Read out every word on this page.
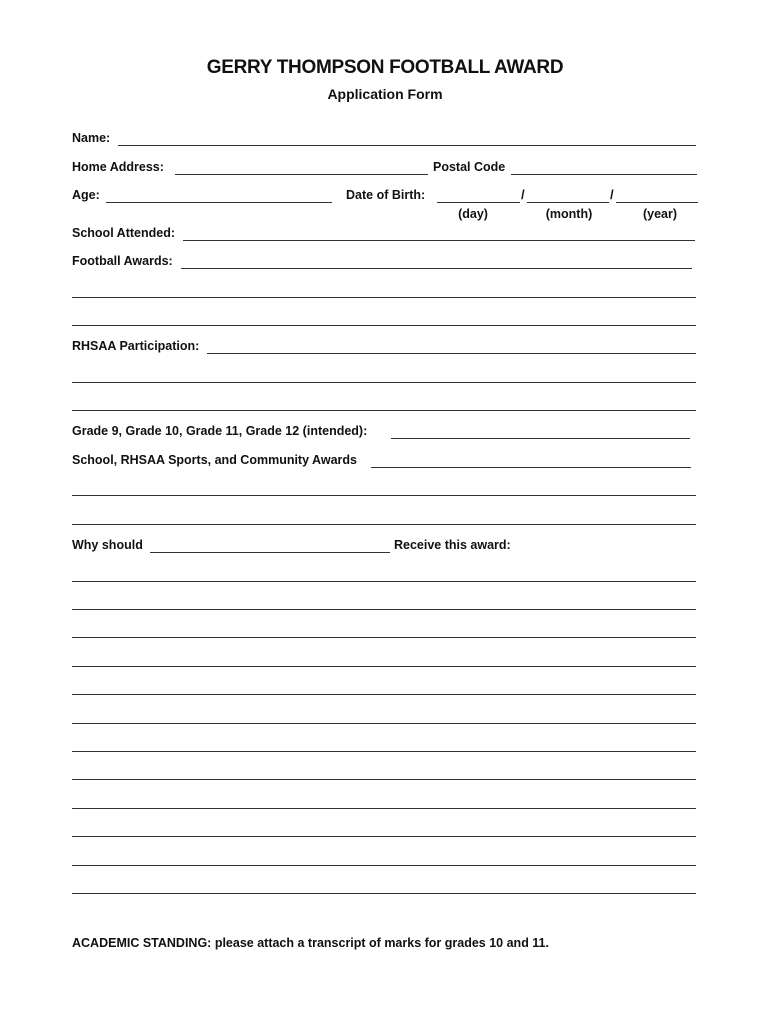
GERRY THOMPSON FOOTBALL AWARD
Application Form
Name:
Home Address:	Postal Code
Age:	Date of Birth:	/	/
(day)	(month)	(year)
School Attended:
Football Awards:
RHSAA Participation:
Grade 9, Grade 10, Grade 11, Grade 12 (intended):
School, RHSAA Sports, and Community Awards
Why should	Receive this award:
ACADEMIC STANDING: please attach a transcript of marks for grades 10 and 11.
